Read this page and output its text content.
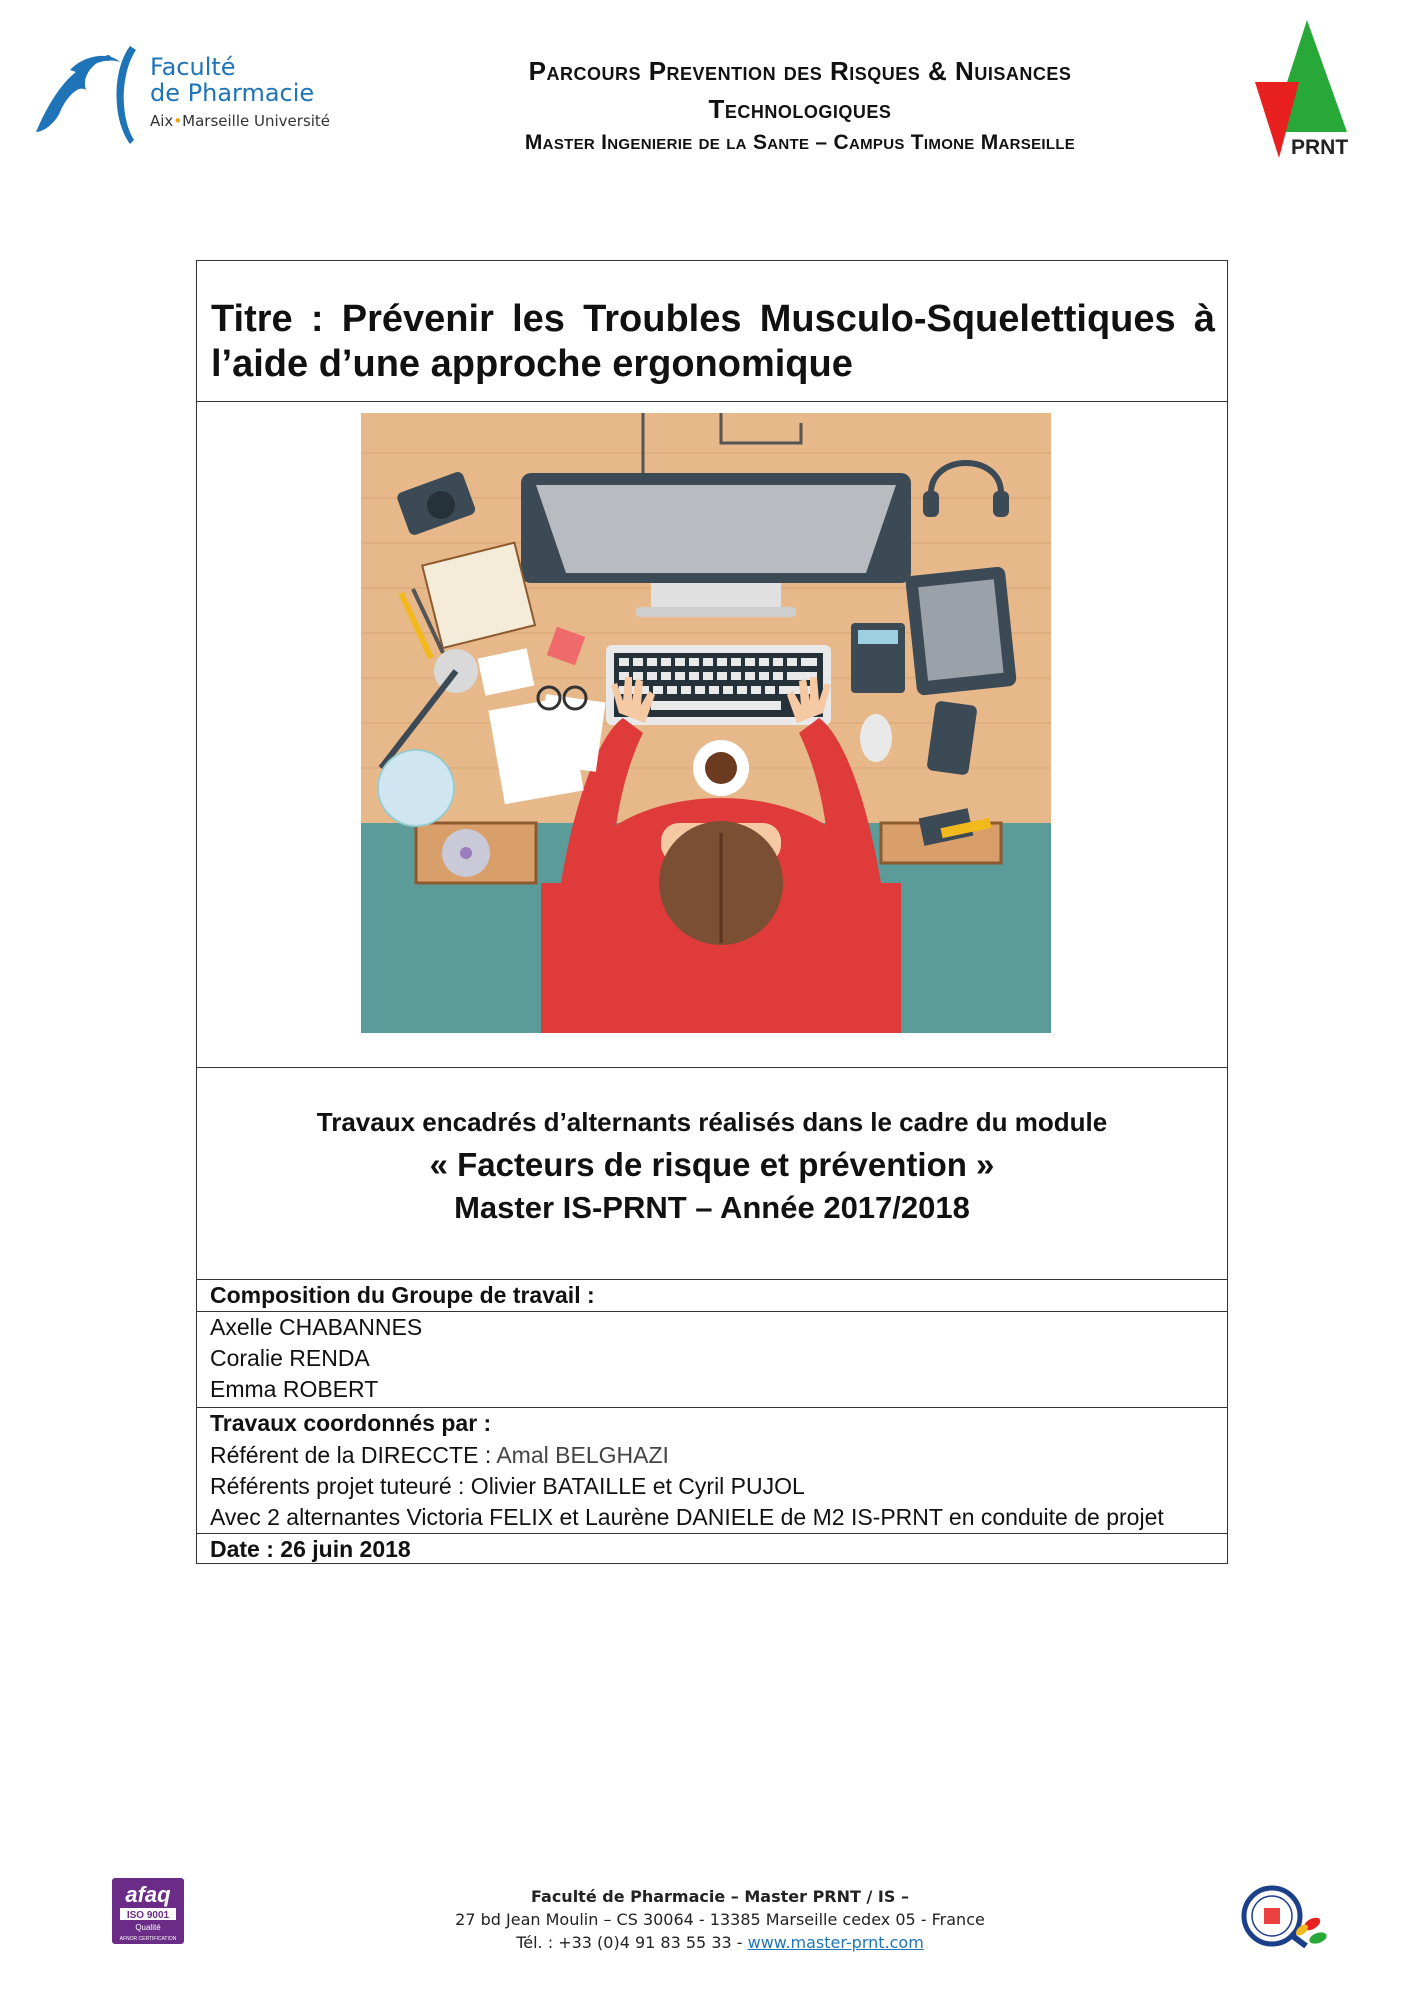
Faculté
de Pharmacie
Aix•Marseille Université
Parcours Prevention des Risques & Nuisances
Technologiques
Master Ingenierie de la Sante – Campus Timone Marseille	PRNT
Titre : Prévenir les Troubles Musculo-Squelettiques à l’aide d’une approche ergonomique
Travaux encadrés d’alternants réalisés dans le cadre du module
« Facteurs de risque et prévention »
Master IS-PRNT – Année 2017/2018
Composition du Groupe de travail :
Axelle CHABANNES
Coralie RENDA
Emma ROBERT
Travaux coordonnés par :
Référent de la DIRECCTE : Amal BELGHAZI
Référents projet tuteuré : Olivier BATAILLE et Cyril PUJOL
Avec 2 alternantes Victoria FELIX et Laurène DANIELE de M2 IS-PRNT en conduite de projet
Date : 26 juin 2018
afaq
ISO 9001
Qualité
AFNOR CERTIFICATION
Faculté de Pharmacie – Master PRNT / IS –
27 bd Jean Moulin – CS 30064 - 13385 Marseille cedex 05 - France
Tél. : +33 (0)4 91 83 55 33 - www.master-prnt.com
